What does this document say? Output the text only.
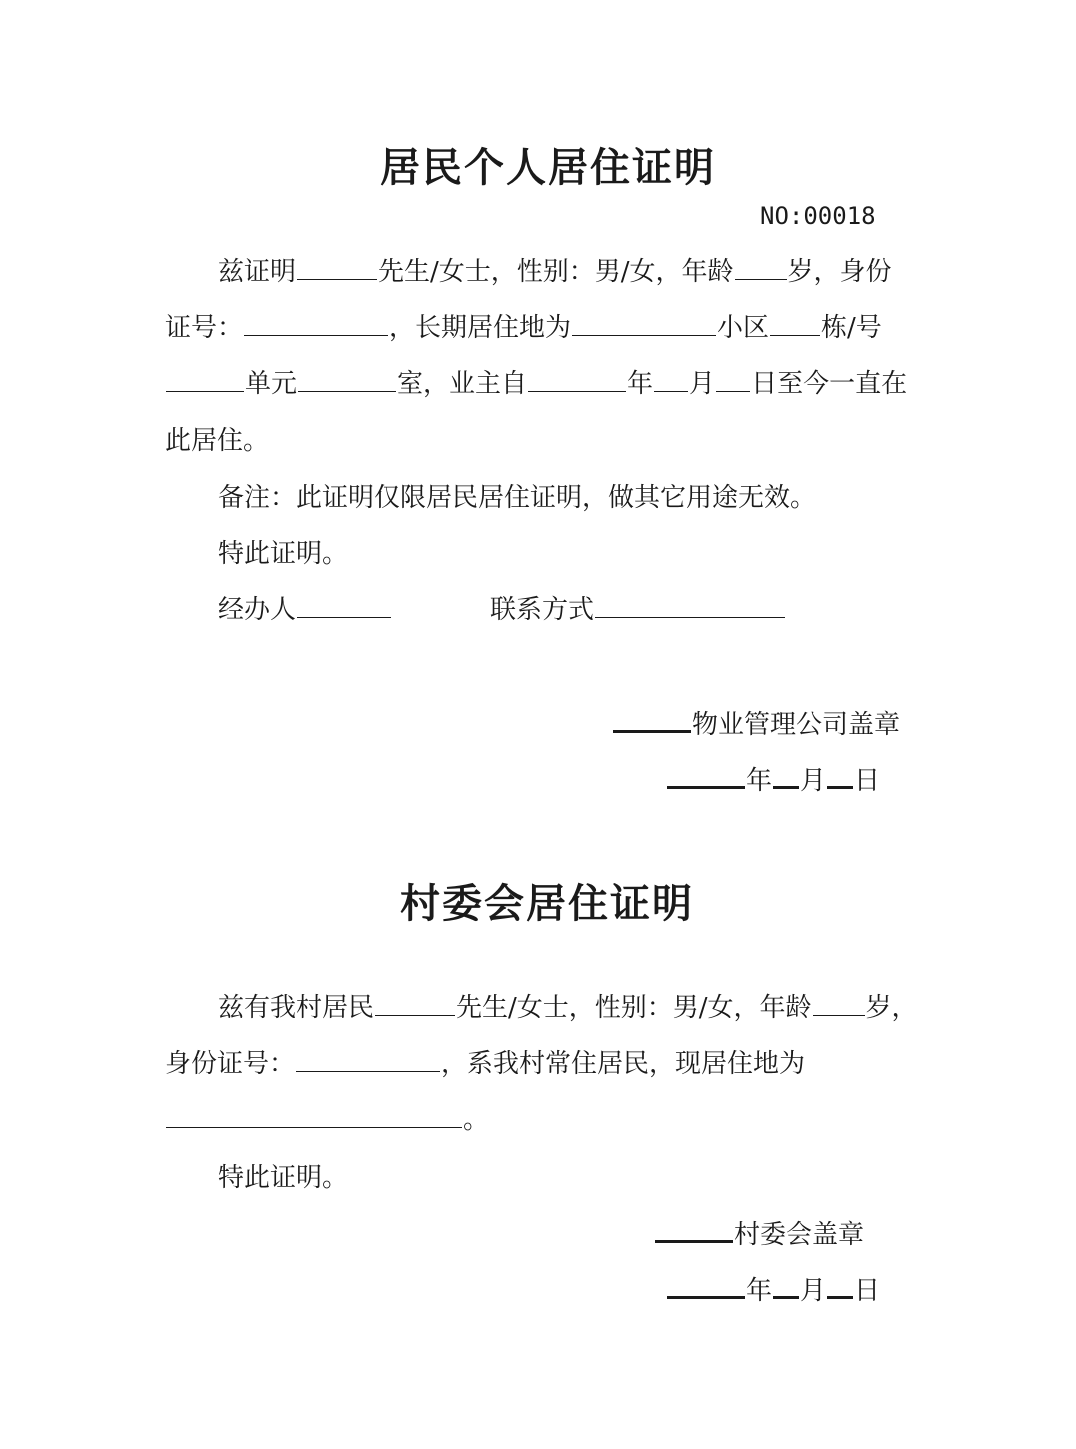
居民个人居住证明
NO:00018
兹证明	先生/女士，性别：男/女，年龄 岁，身份
证号：	，长期居住地为	小区 栋/号
单元	室，业主自	年 月 日至今一直在
此居住。
备注：此证明仅限居民居住证明，做其它用途无效。
特此证明。
经办人	联系方式
物业管理公司盖章
年 月 日
村委会居住证明
兹有我村居民	先生/女士，性别：男/女，年龄 岁，
身份证号：	，系我村常住居民，现居住地为
。
特此证明。
村委会盖章
年 月 日
